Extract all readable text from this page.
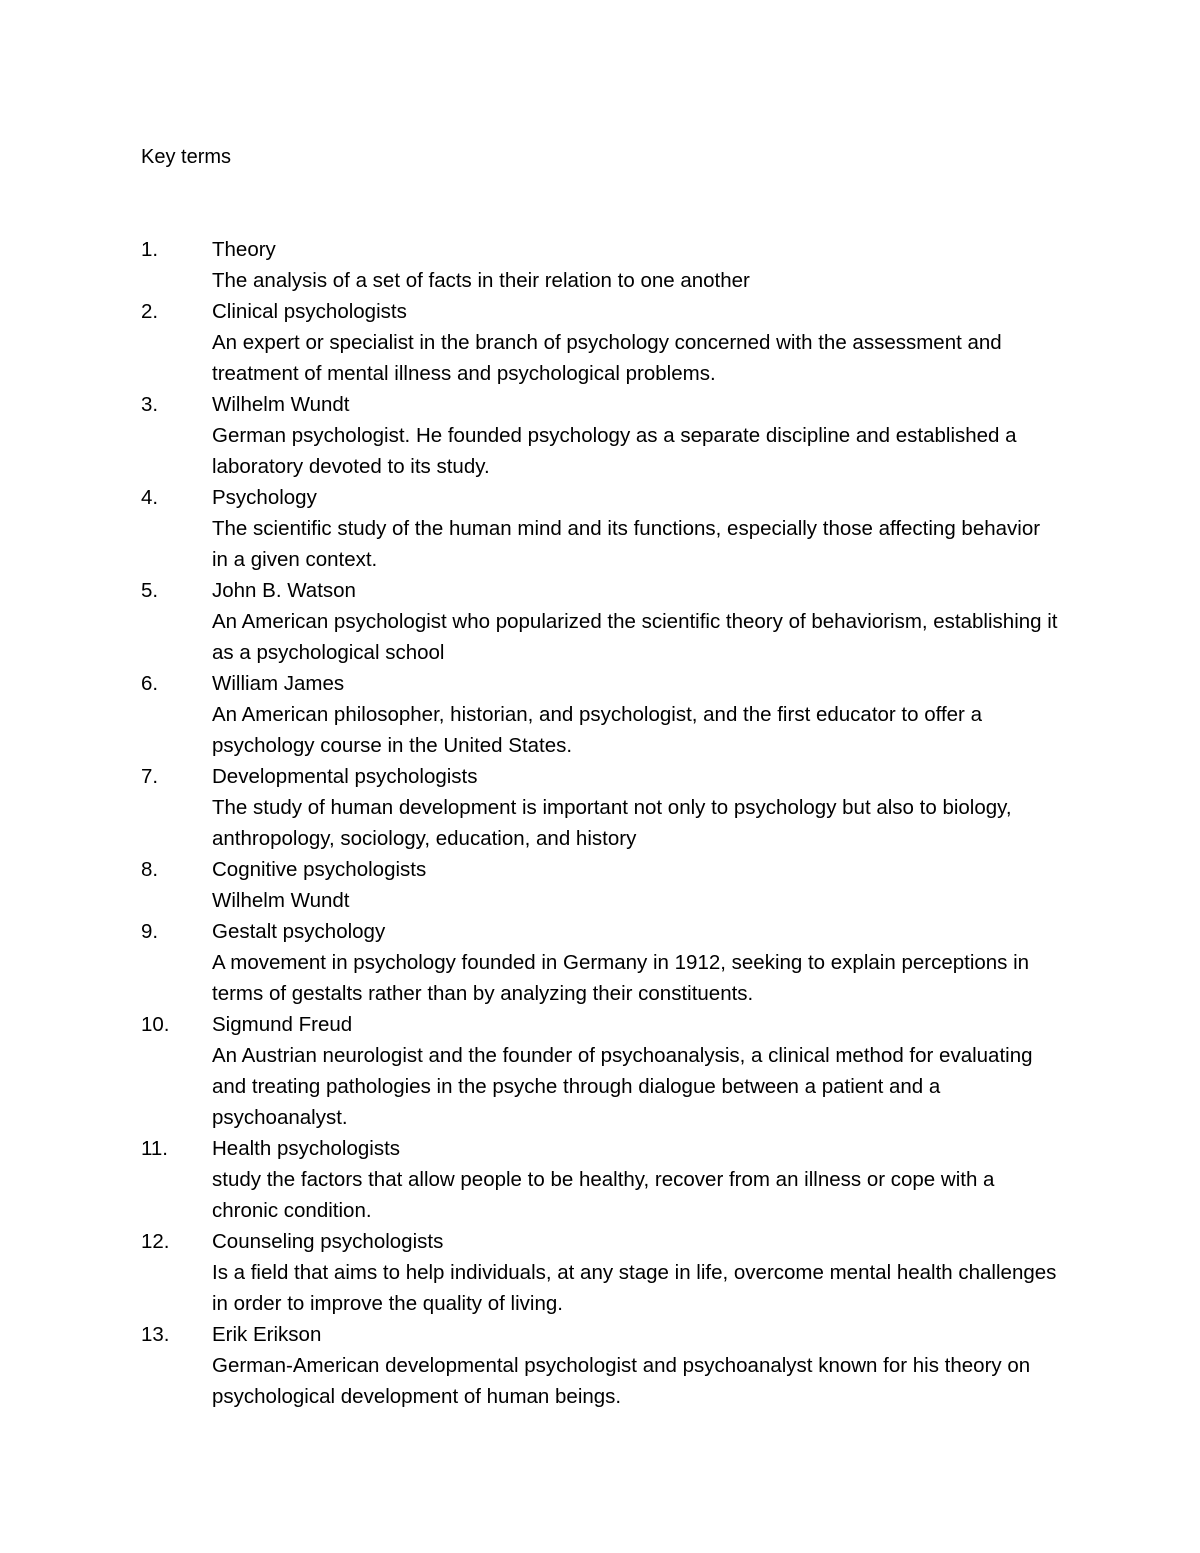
Key terms
1.	Theory
The analysis of a set of facts in their relation to one another
2.	Clinical psychologists
An expert or specialist in the branch of psychology concerned with the assessment and treatment of mental illness and psychological problems.
3.	Wilhelm Wundt
German psychologist. He founded psychology as a separate discipline and established a laboratory devoted to its study.
4.	Psychology
The scientific study of the human mind and its functions, especially those affecting behavior in a given context.
5.	John B. Watson
An American psychologist who popularized the scientific theory of behaviorism, establishing it as a psychological school
6.	William James
An American philosopher, historian, and psychologist, and the first educator to offer a psychology course in the United States.
7.	Developmental psychologists
The study of human development is important not only to psychology but also to biology, anthropology, sociology, education, and history
8.	Cognitive psychologists
Wilhelm Wundt
9.	Gestalt psychology
A movement in psychology founded in Germany in 1912, seeking to explain perceptions in terms of gestalts rather than by analyzing their constituents.
10.	Sigmund Freud
An Austrian neurologist and the founder of psychoanalysis, a clinical method for evaluating and treating pathologies in the psyche through dialogue between a patient and a psychoanalyst.
11.	Health psychologists
study the factors that allow people to be healthy, recover from an illness or cope with a chronic condition.
12.	Counseling psychologists
Is a field that aims to help individuals, at any stage in life, overcome mental health challenges in order to improve the quality of living.
13.	Erik Erikson
German-American developmental psychologist and psychoanalyst known for his theory on psychological development of human beings.
